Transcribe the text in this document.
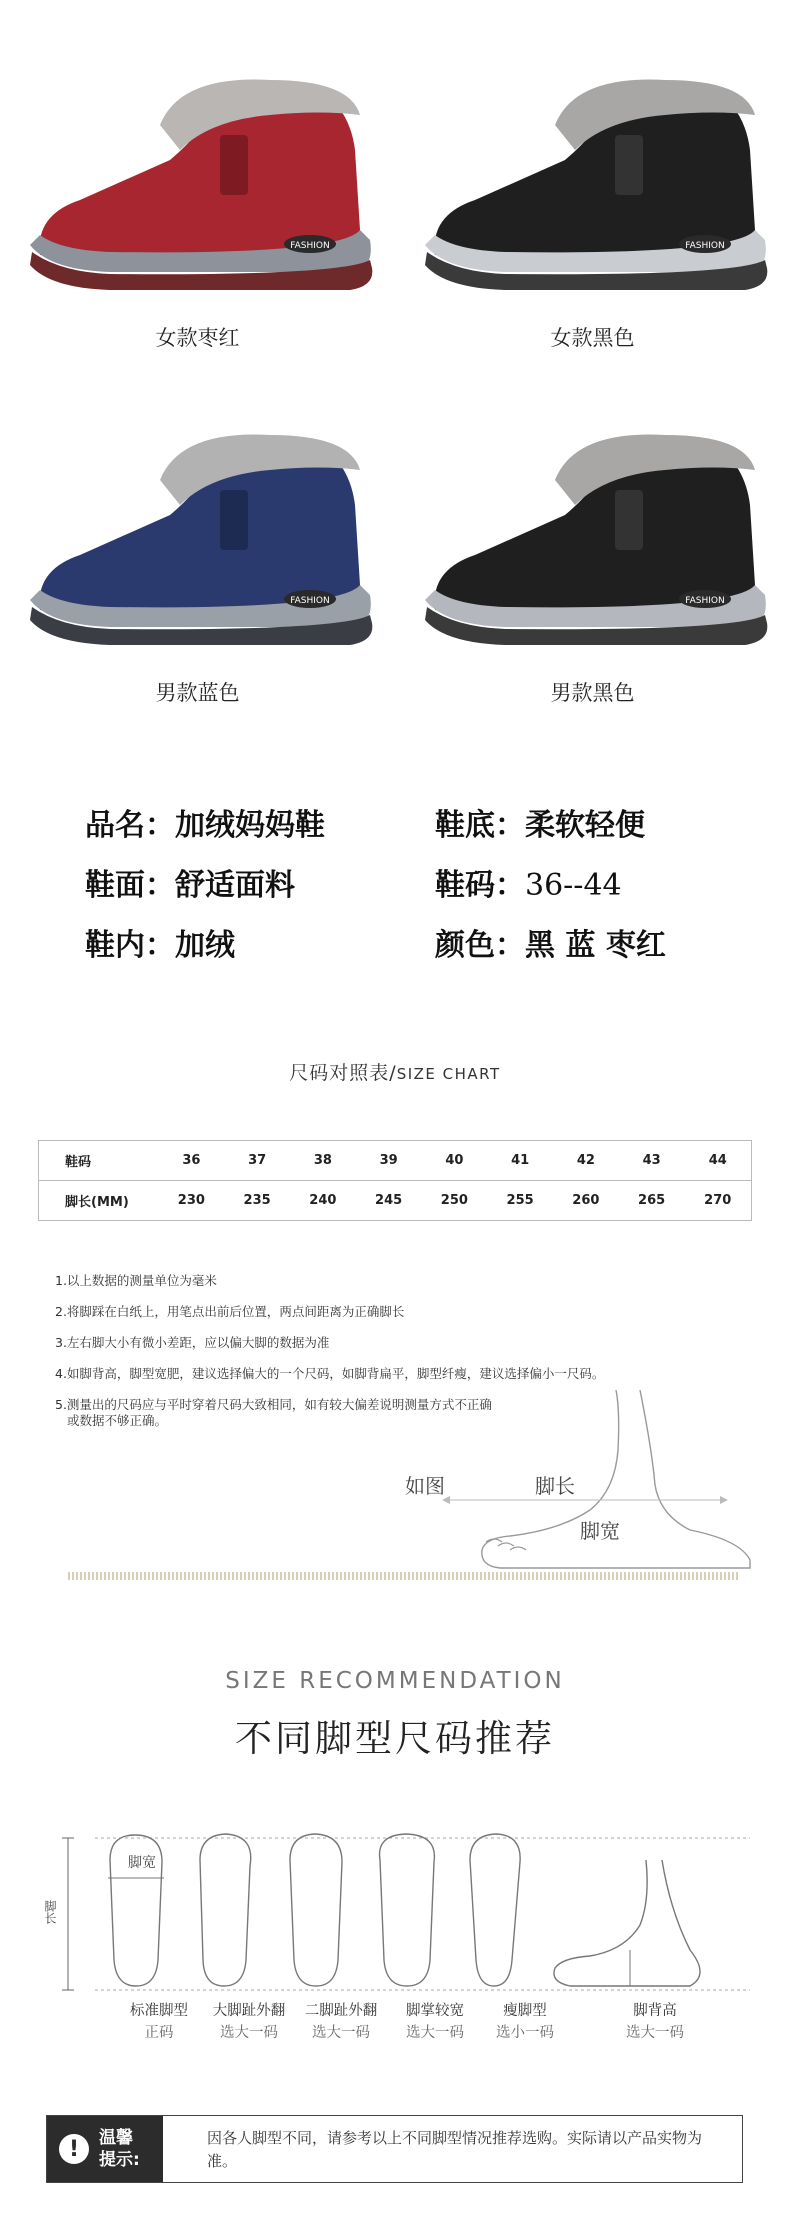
FASHION
女款枣红
FASHION
女款黑色
FASHION
男款蓝色
FASHION
男款黑色
品名：加绒妈妈鞋	鞋底：柔软轻便
鞋面：舒适面料	鞋码：36--44
鞋内：加绒	颜色：黑 蓝 枣红
尺码对照表/SIZE CHART
鞋码	36	37	38	39	40	41	42	43	44
脚长(MM)	230	235	240	245	250	255	260	265	270
1.以上数据的测量单位为毫米
2.将脚踩在白纸上，用笔点出前后位置，两点间距离为正确脚长
3.左右脚大小有微小差距，应以偏大脚的数据为准
4.如脚背高，脚型宽肥，建议选择偏大的一个尺码，如脚背扁平，脚型纤瘦，建议选择偏小一尺码。
5.测量出的尺码应与平时穿着尺码大致相同，如有较大偏差说明测量方式不正确
或数据不够正确。
如图	脚长
脚宽
SIZE RECOMMENDATION
不同脚型尺码推荐
脚宽
脚长
标准脚型
正码
大脚趾外翻
选大一码
二脚趾外翻
选大一码
脚掌较宽
选大一码
瘦脚型
选小一码
脚背高
选大一码
!	温馨提示:
因各人脚型不同，请参考以上不同脚型情况推荐选购。实际请以产品实物为准。
